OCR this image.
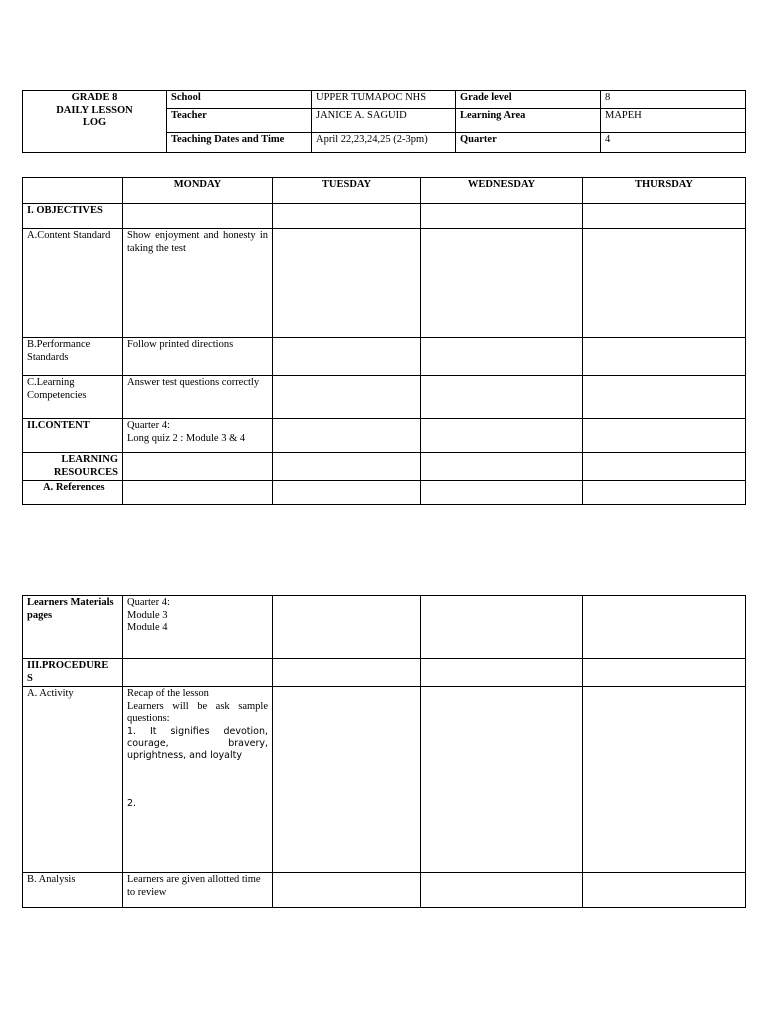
GRADE 8
DAILY LESSON
LOG	School	UPPER TUMAPOC NHS	Grade level	8
	Teacher	JANICE A. SAGUID	Learning Area	MAPEH
	Teaching Dates and Time	April 22,23,24,25 (2-3pm)	Quarter	4
	MONDAY	TUESDAY	WEDNESDAY	THURSDAY
I. OBJECTIVES				
A.Content Standard	Show enjoyment and honesty in taking the test			
B.Performance Standards	Follow printed directions			
C.Learning Competencies	Answer test questions correctly			
II.CONTENT	Quarter 4:
Long quiz 2 : Module 3 & 4			

LEARNING RESOURCES				

A. References				
Learners Materials pages	Quarter 4:
Module 3
Module 4			
III.PROCEDURE
S				
A. Activity	Recap of the lesson
Learners will be ask sample questions:
1. It signifies devotion, courage, bravery, uprightness, and loyalty
2.			

B. Analysis	Learners are given allotted time to review			
